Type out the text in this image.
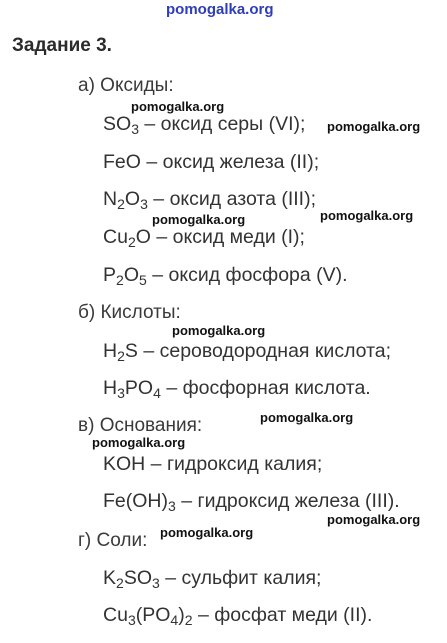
pomogalka.org
Задание 3.
а) Оксиды:
$SO_3$ – оксид серы (VI);
FeO – оксид железа (II);
$N_2O_3$ – оксид азота (III);
$Cu_2O$ – оксид меди (I);
$P_2O_5$ – оксид фосфора (V).
б) Кислоты:
$H_2S$ – сероводородная кислота;
$H_3PO_4$ – фосфорная кислота.
в) Основания:
KOH – гидроксид калия;
$Fe(OH)_3$ – гидроксид железа (III).
г) Соли:
$K_2SO_3$ – сульфит калия;
$Cu_3(PO_4)_2$ – фосфат меди (II).
pomogalka.org
pomogalka.org
pomogalka.org
pomogalka.org
pomogalka.org
pomogalka.org
pomogalka.org
pomogalka.org
pomogalka.org
